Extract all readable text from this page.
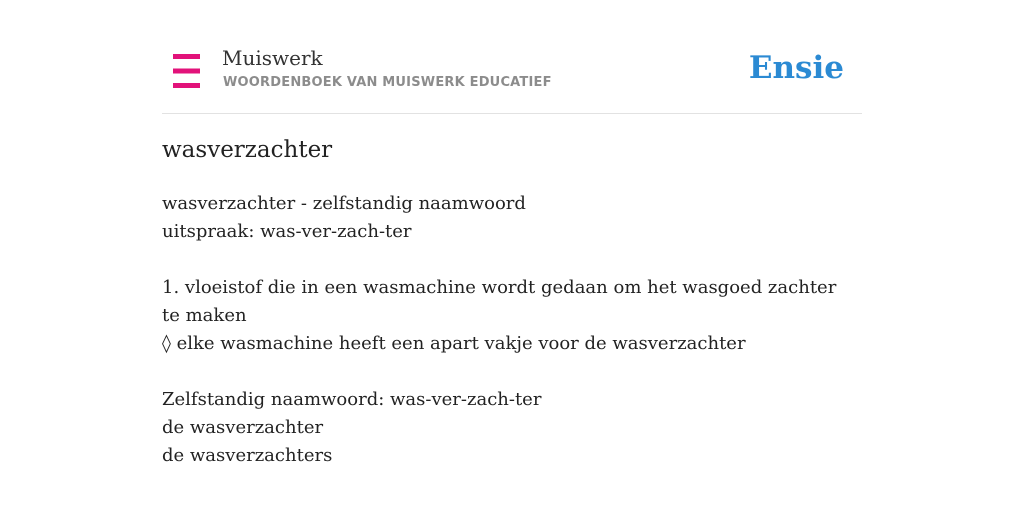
Muiswerk
WOORDENBOEK VAN MUISWERK EDUCATIEF	Ensie
wasverzachter
wasverzachter - zelfstandig naamwoord
uitspraak: was-ver-zach-ter
1. vloeistof die in een wasmachine wordt gedaan om het wasgoed zachter te maken
◊ elke wasmachine heeft een apart vakje voor de wasverzachter
Zelfstandig naamwoord: was-ver-zach-ter
de wasverzachter
de wasverzachters
